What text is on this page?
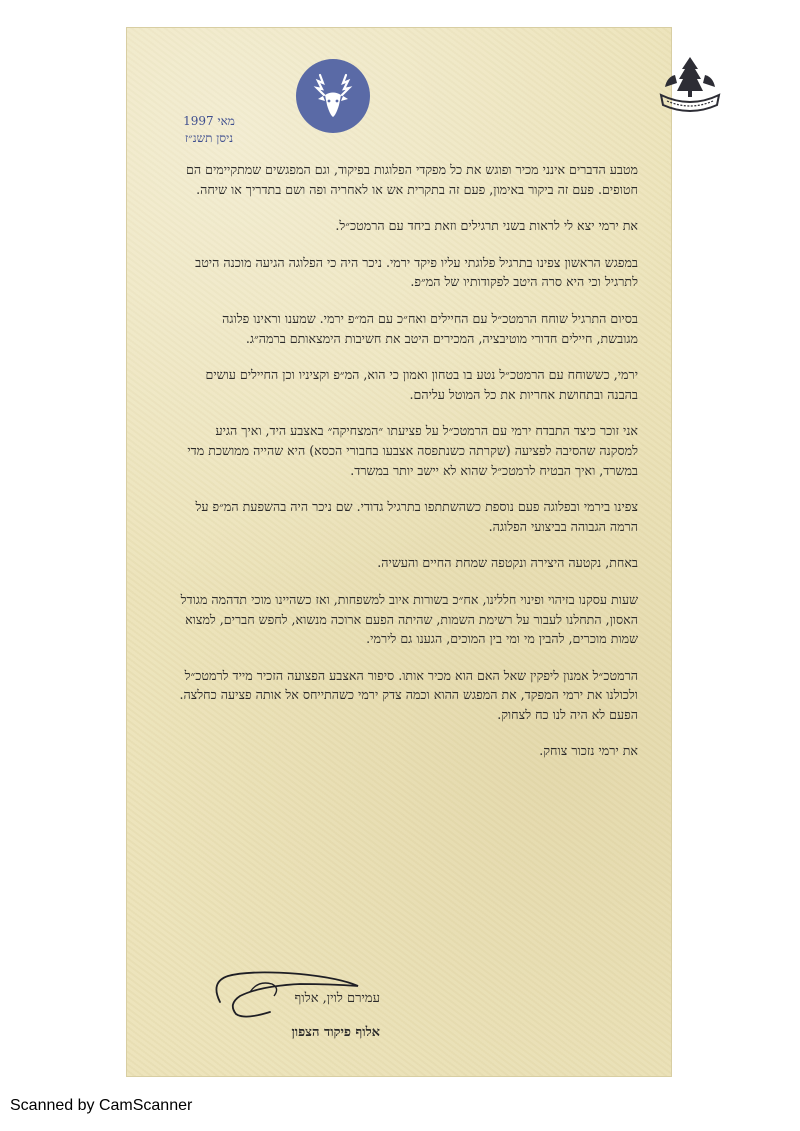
מאי 1997
ניסן תשנ״ז

מטבע הדברים אינני מכיר ופוגש את כל מפקדי הפלוגות בפיקוד, וגם המפגשים שמתקיימים הם חטופים. פעם זה ביקור באימון, פעם זה בתקרית אש או לאחריה ופה ושם בתדריך או שיחה.

את ירמי יצא לי לראות בשני תרגילים וזאת ביחד עם הרמטכ״ל.

במפגש הראשון צפינו בתרגיל פלוגתי עליו פיקד ירמי. ניכר היה כי הפלוגה הגיעה מוכנה היטב לתרגיל וכי היא סרה היטב לפקודותיו של המ״פ.

בסיום התרגיל שוחח הרמטכ״ל עם החיילים ואח״כ עם המ״פ ירמי. שמענו וראינו פלוגה מגובשת, חיילים חדורי מוטיבציה, המכירים היטב את חשיבות הימצאותם ברמה״ג.

ירמי, כששוחח עם הרמטכ״ל נטע בו בטחון ואמון כי הוא, המ״פ וקציניו וכן החיילים עושים בהבנה ובתחושת אחריות את כל המוטל עליהם.

אני זוכר כיצד התבדח ירמי עם הרמטכ״ל על פציעתו ״המצחיקה״ באצבע היד, ואיך הגיע למסקנה שהסיבה לפציעה (שקרתה כשנתפסה אצבעו בחבורי הכסא) היא שהייה ממושכת מדי במשרד, ואיך הבטיח לרמטכ״ל שהוא לא יישב יותר במשרד.

צפינו בירמי ובפלוגה פעם נוספת כשהשתתפו בתרגיל גדודי. שם ניכר היה בהשפעת המ״פ על הרמה הגבוהה בביצועי הפלוגה.

באחת, נקטעה היצירה ונקטפה שמחת החיים והעשיה.

שעות עסקנו בזיהוי ופינוי חללינו, אח״כ בשורות איוב למשפחות, ואז כשהיינו מוכי תדהמה מגודל האסון, התחלנו לעבור על רשימת השמות, שהיתה הפעם ארוכה מנשוא, לחפש חברים, למצוא שמות מוכרים, להבין מי ומי בין המוכים, הגענו גם לירמי.

הרמטכ״ל אמנון ליפקין שאל האם הוא מכיר אותו. סיפור האצבע הפצועה הזכיר מייד לרמטכ״ל ולכולנו את ירמי המפקד, את המפגש ההוא וכמה צדק ירמי כשהתייחס אל אותה פציעה כחלצה. הפעם לא היה לנו כח לצחוק.

את ירמי נזכור צוחק.

עמירם לוין, אלוף
אלוף פיקוד הצפון
Scanned by CamScanner
